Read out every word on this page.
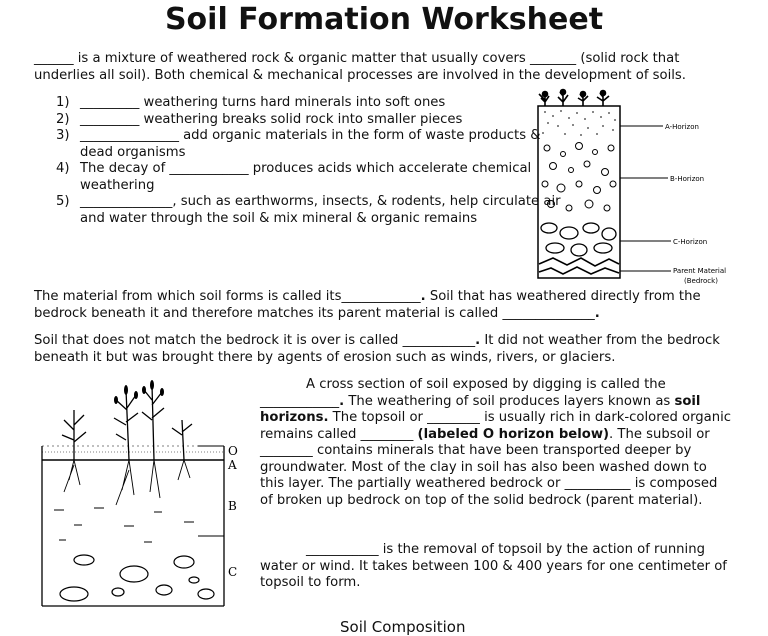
Soil Formation Worksheet

______ is a mixture of weathered rock & organic matter that usually covers _______ (solid rock that underlies all soil). Both chemical & mechanical processes are involved in the development of soils.

1) _________ weathering turns hard minerals into soft ones
2) _________ weathering breaks solid rock into smaller pieces
3) _______________ add organic materials in the form of waste products & dead organisms
4) The decay of ____________ produces acids which accelerate chemical weathering
5) ______________, such as earthworms, insects, & rodents, help circulate air and water through the soil & mix mineral & organic remains
A-Horizon
B-Horizon
C-Horizon
Parent Material
(Bedrock)

The material from which soil forms is called its____________. Soil that has weathered directly from the bedrock beneath it and therefore matches its parent material is called ______________.

Soil that does not match the bedrock it is over is called ___________. It did not weather from the bedrock beneath it but was brought there by agents of erosion such as winds, rivers, or glaciers.

O
A
B
C

A cross section of soil exposed by digging is called the ____________. The weathering of soil produces layers known as soil horizons. The topsoil or ________ is usually rich in dark-colored organic remains called ________ (labeled O horizon below). The subsoil or ________ contains minerals that have been transported deeper by groundwater. Most of the clay in soil has also been washed down to this layer. The partially weathered bedrock or __________ is composed of broken up bedrock on top of the solid bedrock (parent material).

___________ is the removal of topsoil by the action of running water or wind. It takes between 100 & 400 years for one centimeter of topsoil to form.

Soil Composition
